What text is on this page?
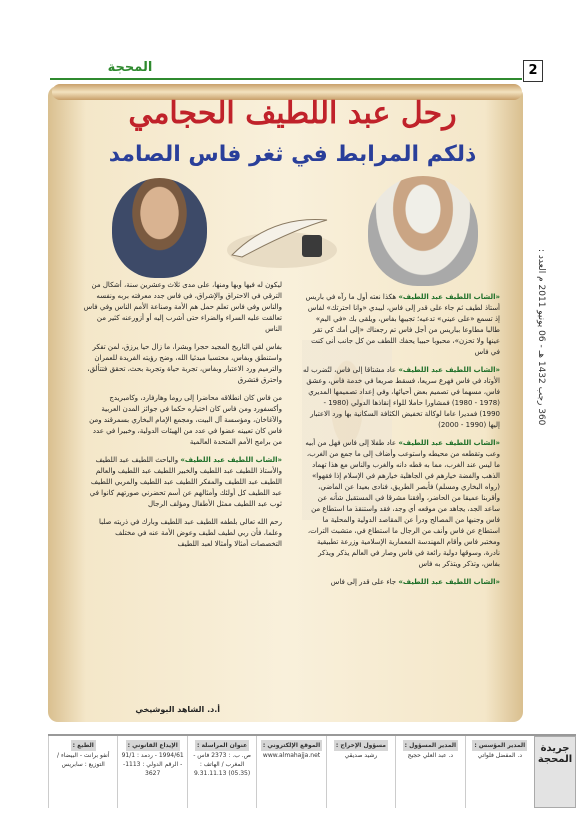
المحجة	2
360 رجب 1432 هـ - 06 يونيو 2011 م العدد :
رحل عبد اللطيف الحجامي
ذلكم المرابط في ثغر فاس الصامد

«الشاب اللطيف عبد اللطيف» هكذا نعته أول ما رآه في باريس أستاذ لطيف ثم جاء على قدر إلى فاس، ليبدي «وانا احترتك» لفاس إذ تسمع «على عيني» تدعيه؛ تجيبها بفاس، ويلقى بك «في اليم» طالبا مطاوعا بباريس من أجل فاس تم رجعناك «إلى أمك كي تقر عينها ولا تحزن»، محبوبا حبيبا يحفك اللطف من كل جانب أنى كنت في فاس

«الشاب اللطيف عبد اللطيف» عاد مشتاقا إلى فاس، لتُضرب له الأوتاد في فاس فهرع سريعا، فسقط صريعا في خدمة فاس، وعشق فاس، مسهما في تصميم بعض أحيائها، وفي إعداد تصميمها المديري (1978 - 1980) فمشاورا حاملا للواء إنقاذها الدولي (1980 - 1990) فمديرا عاما لوكالة تخفيض الكثافة السكانية بها ورد الاعتبار إليها (1990 - 2000)

«الشاب اللطيف عبد اللطيف» عاد طفلا إلى فاس فهل من أبيه وعب وتقطعه من محيطه واستوعب وأضاف إلى ما جمع من الغرب، ما ليس عند الغرب، مما به قطه دانه والغرب والناس مع هذا تهماد الذهب والفضة خيارهم في الجاهلية خيارهم في الإسلام إذا فقهوا» (رواه البخاري ومسلم) فأبصر الطريق، فنادى بعيدا عن الماضي، وأقربنا عميقا من الحاضر، وأفقنا مشرقا في المستقبل شأنه عن ساعد الجد، يجاهد من موقعه أي وجد، فقد واستنقذ ما استطاع من فاس وجنبها من المصالح ودرأ عن المقاصد الدولية والمحلية ما استطاع عن فاس وأنف من الرجال ما استطاع في، متشبث الترات، ومختبر فاس وأقام المهندسة المعمارية الإسلامية وزرعة تطبيقية نادرة، وسوقها دولية رائعة في فاس وصار في العالم يذكر ويذكر بفاس، وتذكر ويتذكر به فاس

«الشاب اللطيف عبد اللطيف» جاء على قدر إلى فاس

ليكون له فيها وبها ومنها، على مدى ثلاث وعشرين سنة، أشكال من الترقي في الاحتراق والإشراق، في فاس جدد معرفته بربه ونفسه والناس وفي فاس تعلم حمل هم الأمة وصناعة الأمم الناس وفي فاس تعالقت عليه السراء والضراء حتى أشرب إليه أو أزورعنه كثير من الناس

بفاس لقي التاريخ المجيد حجرا وبشرا، ما زال حيا يرزق، لمن تفكر واستنطق وبفاس، محتسبا مبدئيا الله، وضح رؤيته الفريدة للعمران والترميم ورد الاعتبار وبفاس، تجربة حياة وتجربة بحث، تحقق فتتألق، واحترق فتشرق

من فاس كان انطلاقه محاضرا إلى روما وهارفارد، وكامبريدج وأكسفورد ومن فاس كان اختياره حكما في جوائز المدن العربية والآغاخان، ومؤسسة آل البيت، ومجمع الإمام البخاري بسمرقند ومن فاس كان تعيينه عضوا في عدد من الهيئات الدولية، وخبيرا في عدد من برامج الأمم المتحدة العالمية

«الشاب اللطيف عبد اللطيف» والباحث اللطيف عبد اللطيف والأستاذ اللطيف عبد اللطيف والخبير اللطيف عبد اللطيف والعالم اللطيف عبد اللطيف والمفكر اللطيف عبد اللطيف والمربي اللطيف عبد اللطيف كل أولئك وأمثالهم عن أسم تحضرني صورتهم كانوا في ثوب عبد اللطيف ممثل الأطفال ومؤلف الرجال

رحم الله تعالى بلطفه اللطيف عبد اللطيف وبارك في ذريته صلبا وعلما، فأن ربي لطيف لطيف وعوض الأمة عنه في مختلف التخصصات أمثالا وأمثالا لعبد اللطيف

أ.د. الشاهد البوشيخي
جريدة
المحجة
المدير المؤسس :
د. المفضل فلواتي
المدير المسؤول :
د. عبد العلي حجيج
مسؤول الإخراج :
رشيد صديقي
الموقع الإلكتروني :
www.almahajja.net
عنوان المراسلة :
ص. ب. : 2373 فاس - المغرب / الهاتف : (05.35) 9.31.11.13
الإيداع القانوني :
1994/61 - ردمد : 91/1 - الرقم الدولي : 1113-3627
الطبع :
أنفو برانت - البيضاء / التوزيع : سابريس
